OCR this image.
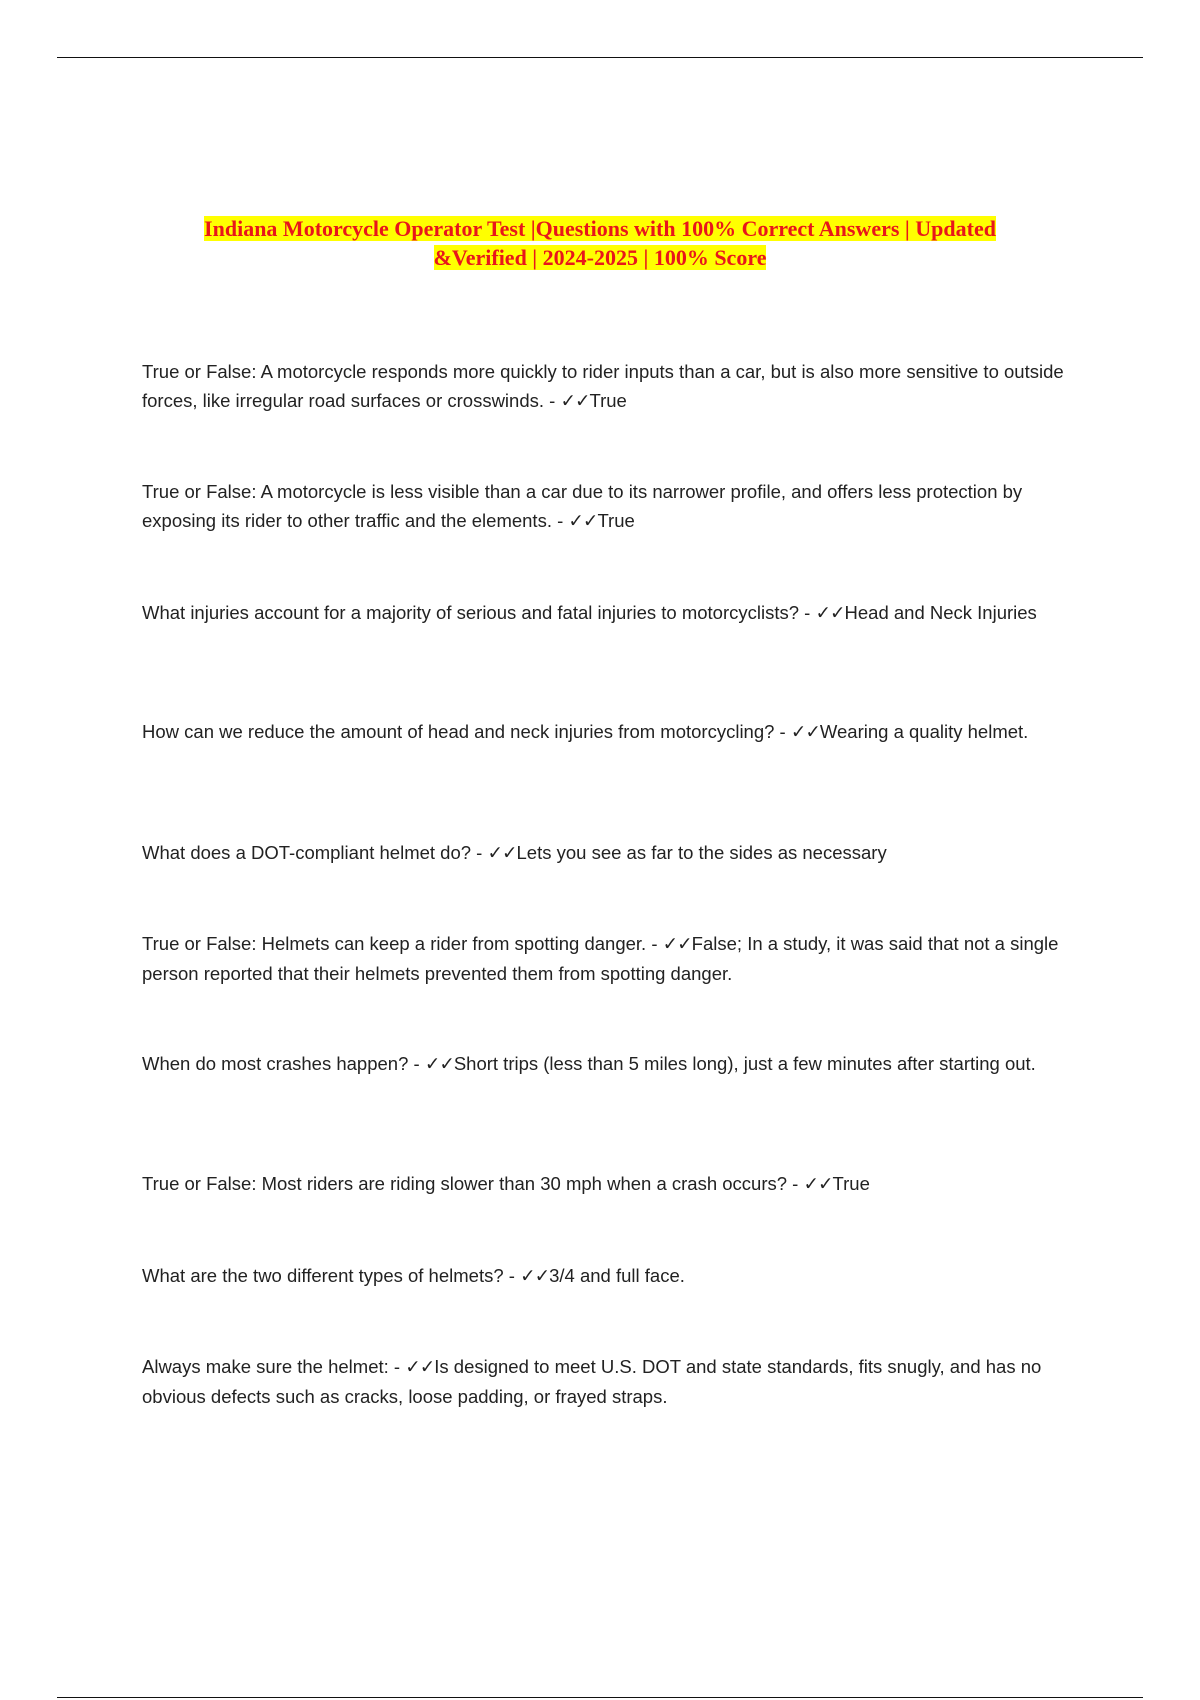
Indiana Motorcycle Operator Test |Questions with 100% Correct Answers | Updated
&Verified | 2024-2025 | 100% Score
True or False: A motorcycle responds more quickly to rider inputs than a car, but is also more sensitive to outside forces, like irregular road surfaces or crosswinds. - ✓✓True
True or False: A motorcycle is less visible than a car due to its narrower profile, and offers less protection by exposing its rider to other traffic and the elements. - ✓✓True
What injuries account for a majority of serious and fatal injuries to motorcyclists? - ✓✓Head and Neck Injuries
How can we reduce the amount of head and neck injuries from motorcycling? - ✓✓Wearing a quality helmet.
What does a DOT-compliant helmet do? - ✓✓Lets you see as far to the sides as necessary
True or False: Helmets can keep a rider from spotting danger. - ✓✓False; In a study, it was said that not a single person reported that their helmets prevented them from spotting danger.
When do most crashes happen? - ✓✓Short trips (less than 5 miles long), just a few minutes after starting out.
True or False: Most riders are riding slower than 30 mph when a crash occurs? - ✓✓True
What are the two different types of helmets? - ✓✓3/4 and full face.
Always make sure the helmet: - ✓✓Is designed to meet U.S. DOT and state standards, fits snugly, and has no obvious defects such as cracks, loose padding, or frayed straps.
